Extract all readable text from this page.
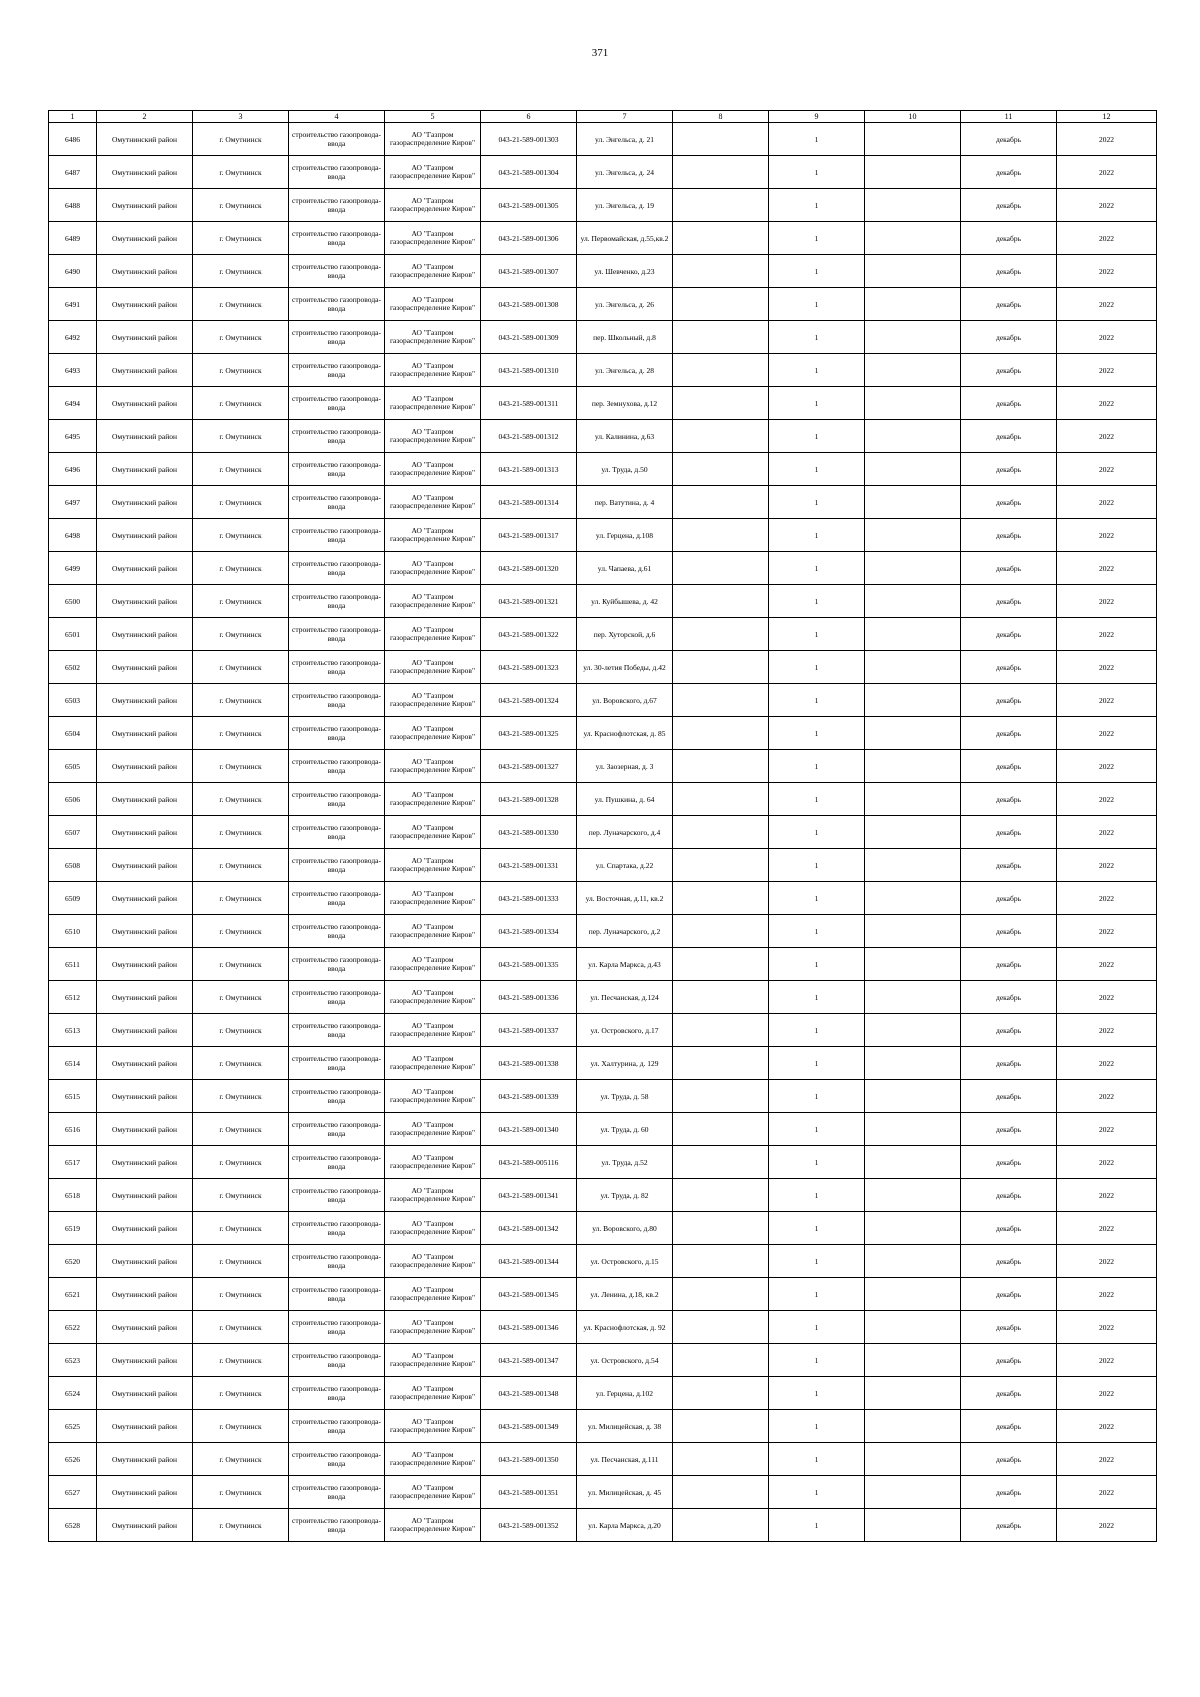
371
1	2	3	4	5	6	7	8	9	10	11	12
6486	Омутнинский район	г. Омутнинск	строительство газопровода-ввода	АО "Газпром газораспределение Киров"	043-21-589-001303	ул. Энгельса, д. 21		1		декабрь	2022
6487	Омутнинский район	г. Омутнинск	строительство газопровода-ввода	АО "Газпром газораспределение Киров"	043-21-589-001304	ул. Энгельса, д. 24		1		декабрь	2022
6488	Омутнинский район	г. Омутнинск	строительство газопровода-ввода	АО "Газпром газораспределение Киров"	043-21-589-001305	ул. Энгельса, д. 19		1		декабрь	2022
6489	Омутнинский район	г. Омутнинск	строительство газопровода-ввода	АО "Газпром газораспределение Киров"	043-21-589-001306	ул. Первомайская, д.55,кв.2		1		декабрь	2022
6490	Омутнинский район	г. Омутнинск	строительство газопровода-ввода	АО "Газпром газораспределение Киров"	043-21-589-001307	ул. Шевченко, д.23		1		декабрь	2022
6491	Омутнинский район	г. Омутнинск	строительство газопровода-ввода	АО "Газпром газораспределение Киров"	043-21-589-001308	ул. Энгельса, д. 26		1		декабрь	2022
6492	Омутнинский район	г. Омутнинск	строительство газопровода-ввода	АО "Газпром газораспределение Киров"	043-21-589-001309	пер. Школьный, д.8		1		декабрь	2022
6493	Омутнинский район	г. Омутнинск	строительство газопровода-ввода	АО "Газпром газораспределение Киров"	043-21-589-001310	ул. Энгельса, д. 28		1		декабрь	2022
6494	Омутнинский район	г. Омутнинск	строительство газопровода-ввода	АО "Газпром газораспределение Киров"	043-21-589-001311	пер. Земнухова, д.12		1		декабрь	2022
6495	Омутнинский район	г. Омутнинск	строительство газопровода-ввода	АО "Газпром газораспределение Киров"	043-21-589-001312	ул. Калинина, д.63		1		декабрь	2022
6496	Омутнинский район	г. Омутнинск	строительство газопровода-ввода	АО "Газпром газораспределение Киров"	043-21-589-001313	ул. Труда, д.50		1		декабрь	2022
6497	Омутнинский район	г. Омутнинск	строительство газопровода-ввода	АО "Газпром газораспределение Киров"	043-21-589-001314	пер. Ватутина, д. 4		1		декабрь	2022
6498	Омутнинский район	г. Омутнинск	строительство газопровода-ввода	АО "Газпром газораспределение Киров"	043-21-589-001317	ул. Герцена, д.108		1		декабрь	2022
6499	Омутнинский район	г. Омутнинск	строительство газопровода-ввода	АО "Газпром газораспределение Киров"	043-21-589-001320	ул. Чапаева, д.61		1		декабрь	2022
6500	Омутнинский район	г. Омутнинск	строительство газопровода-ввода	АО "Газпром газораспределение Киров"	043-21-589-001321	ул. Куйбышева, д. 42		1		декабрь	2022
6501	Омутнинский район	г. Омутнинск	строительство газопровода-ввода	АО "Газпром газораспределение Киров"	043-21-589-001322	пер. Хуторской, д.6		1		декабрь	2022
6502	Омутнинский район	г. Омутнинск	строительство газопровода-ввода	АО "Газпром газораспределение Киров"	043-21-589-001323	ул. 30-летия Победы, д.42		1		декабрь	2022
6503	Омутнинский район	г. Омутнинск	строительство газопровода-ввода	АО "Газпром газораспределение Киров"	043-21-589-001324	ул. Воровского, д.67		1		декабрь	2022
6504	Омутнинский район	г. Омутнинск	строительство газопровода-ввода	АО "Газпром газораспределение Киров"	043-21-589-001325	ул. Краснофлотская, д. 85		1		декабрь	2022
6505	Омутнинский район	г. Омутнинск	строительство газопровода-ввода	АО "Газпром газораспределение Киров"	043-21-589-001327	ул. Заозерная, д. 3		1		декабрь	2022
6506	Омутнинский район	г. Омутнинск	строительство газопровода-ввода	АО "Газпром газораспределение Киров"	043-21-589-001328	ул. Пушкина, д. 64		1		декабрь	2022
6507	Омутнинский район	г. Омутнинск	строительство газопровода-ввода	АО "Газпром газораспределение Киров"	043-21-589-001330	пер. Луначарского, д.4		1		декабрь	2022
6508	Омутнинский район	г. Омутнинск	строительство газопровода-ввода	АО "Газпром газораспределение Киров"	043-21-589-001331	ул. Спартака, д.22		1		декабрь	2022
6509	Омутнинский район	г. Омутнинск	строительство газопровода-ввода	АО "Газпром газораспределение Киров"	043-21-589-001333	ул. Восточная, д.11, кв.2		1		декабрь	2022
6510	Омутнинский район	г. Омутнинск	строительство газопровода-ввода	АО "Газпром газораспределение Киров"	043-21-589-001334	пер. Луначарского, д.2		1		декабрь	2022
6511	Омутнинский район	г. Омутнинск	строительство газопровода-ввода	АО "Газпром газораспределение Киров"	043-21-589-001335	ул. Карла Маркса, д.43		1		декабрь	2022
6512	Омутнинский район	г. Омутнинск	строительство газопровода-ввода	АО "Газпром газораспределение Киров"	043-21-589-001336	ул. Песчанская, д.124		1		декабрь	2022
6513	Омутнинский район	г. Омутнинск	строительство газопровода-ввода	АО "Газпром газораспределение Киров"	043-21-589-001337	ул. Островского, д.17		1		декабрь	2022
6514	Омутнинский район	г. Омутнинск	строительство газопровода-ввода	АО "Газпром газораспределение Киров"	043-21-589-001338	ул. Халтурина, д. 129		1		декабрь	2022
6515	Омутнинский район	г. Омутнинск	строительство газопровода-ввода	АО "Газпром газораспределение Киров"	043-21-589-001339	ул. Труда, д. 58		1		декабрь	2022
6516	Омутнинский район	г. Омутнинск	строительство газопровода-ввода	АО "Газпром газораспределение Киров"	043-21-589-001340	ул. Труда, д. 60		1		декабрь	2022
6517	Омутнинский район	г. Омутнинск	строительство газопровода-ввода	АО "Газпром газораспределение Киров"	043-21-589-005116	ул. Труда, д.52		1		декабрь	2022
6518	Омутнинский район	г. Омутнинск	строительство газопровода-ввода	АО "Газпром газораспределение Киров"	043-21-589-001341	ул. Труда, д. 82		1		декабрь	2022
6519	Омутнинский район	г. Омутнинск	строительство газопровода-ввода	АО "Газпром газораспределение Киров"	043-21-589-001342	ул. Воровского, д.80		1		декабрь	2022
6520	Омутнинский район	г. Омутнинск	строительство газопровода-ввода	АО "Газпром газораспределение Киров"	043-21-589-001344	ул. Островского, д.15		1		декабрь	2022
6521	Омутнинский район	г. Омутнинск	строительство газопровода-ввода	АО "Газпром газораспределение Киров"	043-21-589-001345	ул. Ленина, д.18, кв.2		1		декабрь	2022
6522	Омутнинский район	г. Омутнинск	строительство газопровода-ввода	АО "Газпром газораспределение Киров"	043-21-589-001346	ул. Краснофлотская, д. 92		1		декабрь	2022
6523	Омутнинский район	г. Омутнинск	строительство газопровода-ввода	АО "Газпром газораспределение Киров"	043-21-589-001347	ул. Островского, д.54		1		декабрь	2022
6524	Омутнинский район	г. Омутнинск	строительство газопровода-ввода	АО "Газпром газораспределение Киров"	043-21-589-001348	ул. Герцена, д.102		1		декабрь	2022
6525	Омутнинский район	г. Омутнинск	строительство газопровода-ввода	АО "Газпром газораспределение Киров"	043-21-589-001349	ул. Милицейская, д. 38		1		декабрь	2022
6526	Омутнинский район	г. Омутнинск	строительство газопровода-ввода	АО "Газпром газораспределение Киров"	043-21-589-001350	ул. Песчанская, д.111		1		декабрь	2022
6527	Омутнинский район	г. Омутнинск	строительство газопровода-ввода	АО "Газпром газораспределение Киров"	043-21-589-001351	ул. Милицейская, д. 45		1		декабрь	2022
6528	Омутнинский район	г. Омутнинск	строительство газопровода-ввода	АО "Газпром газораспределение Киров"	043-21-589-001352	ул. Карла Маркса, д.20		1		декабрь	2022
